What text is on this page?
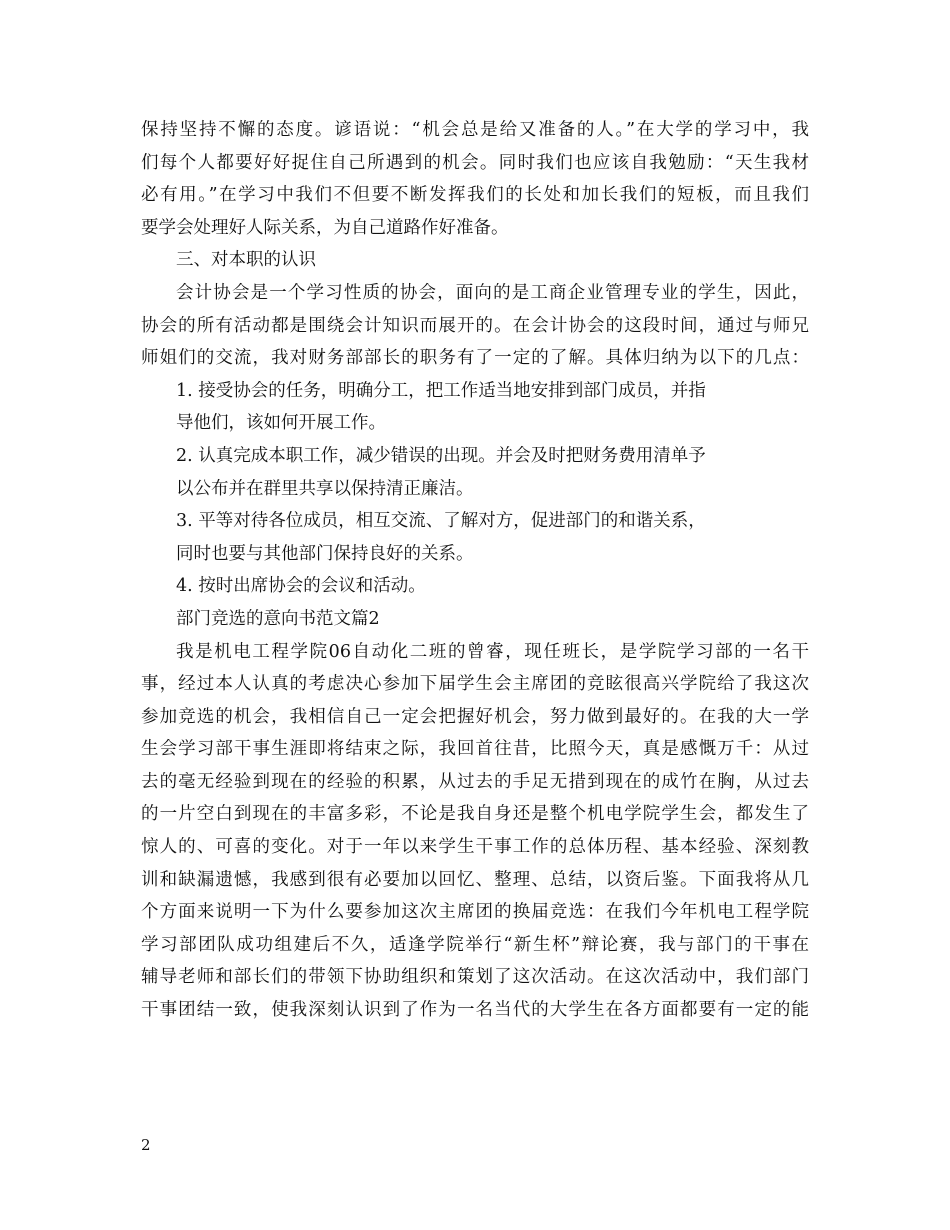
保持坚持不懈的态度。谚语说：“机会总是给又准备的人。”在大学的学习中，我
们每个人都要好好捉住自己所遇到的机会。同时我们也应该自我勉励：“天生我材
必有用。”在学习中我们不但要不断发挥我们的长处和加长我们的短板，而且我们
要学会处理好人际关系，为自己道路作好准备。
三、对本职的认识
会计协会是一个学习性质的协会，面向的是工商企业管理专业的学生，因此，
协会的所有活动都是围绕会计知识而展开的。在会计协会的这段时间，通过与师兄
师姐们的交流，我对财务部部长的职务有了一定的了解。具体归纳为以下的几点：
1. 接受协会的任务，明确分工，把工作适当地安排到部门成员，并指
导他们，该如何开展工作。
2. 认真完成本职工作，减少错误的出现。并会及时把财务费用清单予
以公布并在群里共享以保持清正廉洁。
3. 平等对待各位成员，相互交流、了解对方，促进部门的和谐关系，
同时也要与其他部门保持良好的关系。
4. 按时出席协会的会议和活动。
部门竞选的意向书范文篇2
我是机电工程学院06自动化二班的曾睿，现任班长，是学院学习部的一名干
事，经过本人认真的考虑决心参加下届学生会主席团的竞眩很高兴学院给了我这次
参加竞选的机会，我相信自己一定会把握好机会，努力做到最好的。在我的大一学
生会学习部干事生涯即将结束之际，我回首往昔，比照今天，真是感慨万千：从过
去的毫无经验到现在的经验的积累，从过去的手足无措到现在的成竹在胸，从过去
的一片空白到现在的丰富多彩，不论是我自身还是整个机电学院学生会，都发生了
惊人的、可喜的变化。对于一年以来学生干事工作的总体历程、基本经验、深刻教
训和缺漏遗憾，我感到很有必要加以回忆、整理、总结，以资后鉴。下面我将从几
个方面来说明一下为什么要参加这次主席团的换届竞选：在我们今年机电工程学院
学习部团队成功组建后不久，适逢学院举行“新生杯”辩论赛，我与部门的干事在
辅导老师和部长们的带领下协助组织和策划了这次活动。在这次活动中，我们部门
干事团结一致，使我深刻认识到了作为一名当代的大学生在各方面都要有一定的能
2
